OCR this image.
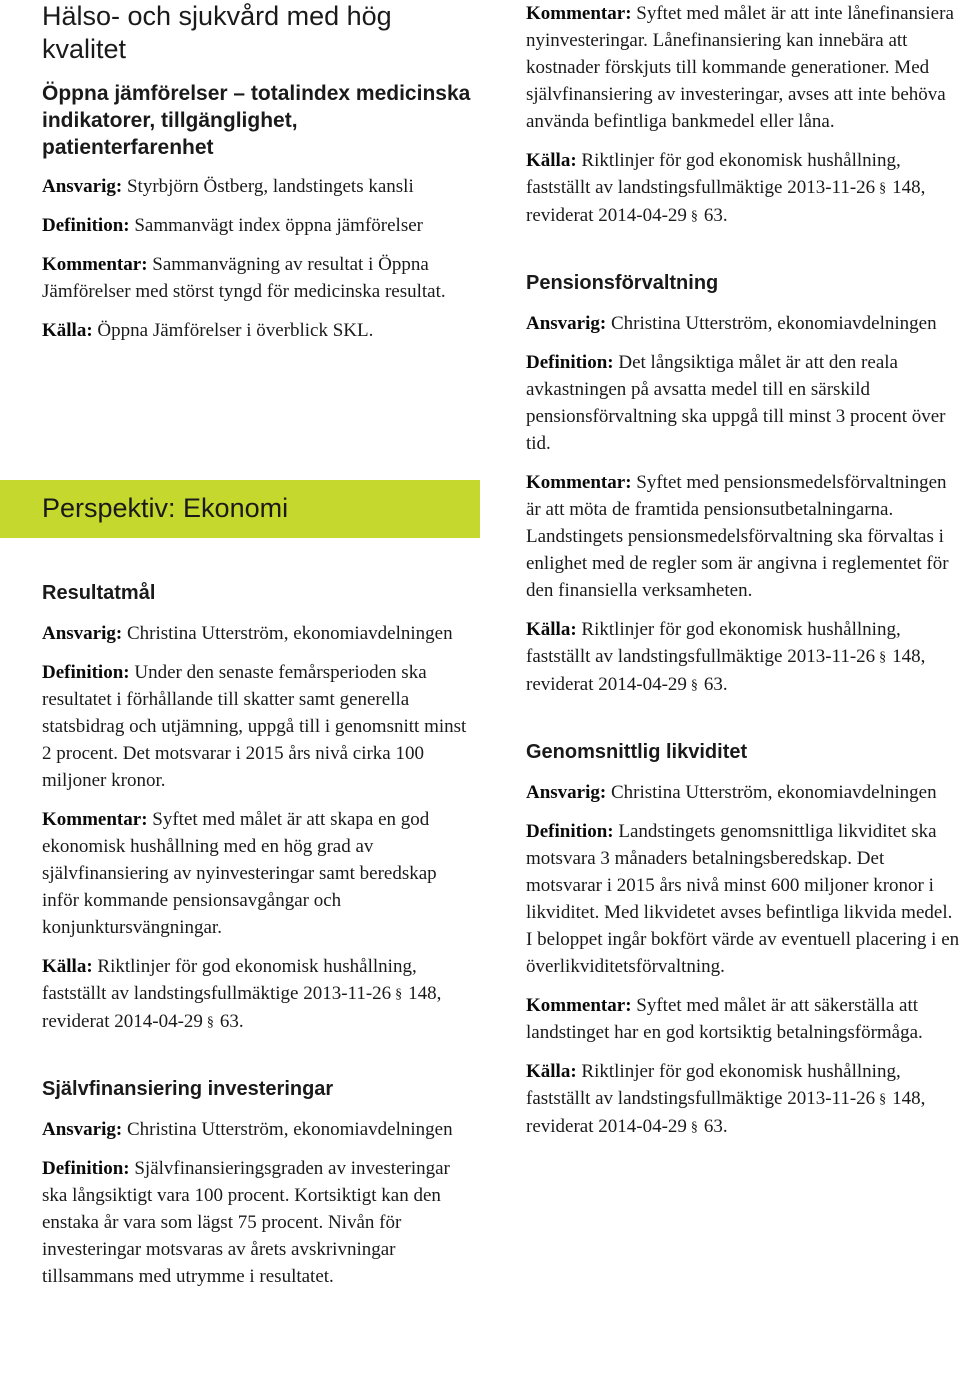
Hälso- och sjukvård med hög kvalitet
Öppna jämförelser – totalindex medicinska indikatorer, tillgänglighet, patienterfarenhet

Ansvarig: Styrbjörn Östberg, landstingets kansli

Definition: Sammanvägt index öppna jämförelser

Kommentar: Sammanvägning av resultat i Öppna Jämförelser med störst tyngd för medicinska resultat.

Källa: Öppna Jämförelser i överblick SKL.

Perspektiv: Ekonomi
Resultatmål

Ansvarig: Christina Utterström, ekonomiavdelningen

Definition: Under den senaste femårsperioden ska resultatet i förhållande till skatter samt generella statsbidrag och utjämning, uppgå till i genomsnitt minst 2 procent. Det motsvarar i 2015 års nivå cirka 100 miljoner kronor.

Kommentar: Syftet med målet är att skapa en god ekonomisk hushållning med en hög grad av självfinansiering av nyinvesteringar samt beredskap inför kommande pensionsavgångar och konjunktursvängningar.

Källa: Riktlinjer för god ekonomisk hushållning, fastställt av landstingsfullmäktige 2013-11-26 § 148, reviderat 2014-04-29 § 63.

Självfinansiering investeringar

Ansvarig: Christina Utterström, ekonomiavdelningen

Definition: Självfinansieringsgraden av investeringar ska långsiktigt vara 100 procent. Kortsiktigt kan den enstaka år vara som lägst 75 procent. Nivån för investeringar motsvaras av årets avskrivningar tillsammans med utrymme i resultatet.

Kommentar: Syftet med målet är att inte lånefinansiera nyinvesteringar. Lånefinansiering kan innebära att kostnader förskjuts till kommande generationer. Med självfinansiering av investeringar, avses att inte behöva använda befintliga bankmedel eller låna.

Källa: Riktlinjer för god ekonomisk hushållning, fastställt av landstingsfullmäktige 2013-11-26 § 148, reviderat 2014-04-29 § 63.

Pensionsförvaltning

Ansvarig: Christina Utterström, ekonomiavdelningen

Definition: Det långsiktiga målet är att den reala avkastningen på avsatta medel till en särskild pensionsförvaltning ska uppgå till minst 3 procent över tid.

Kommentar: Syftet med pensionsmedelsförvaltningen är att möta de framtida pensionsutbetalningarna. Landstingets pensionsmedelsförvaltning ska förvaltas i enlighet med de regler som är angivna i reglementet för den finansiella verksamheten.

Källa: Riktlinjer för god ekonomisk hushållning, fastställt av landstingsfullmäktige 2013-11-26 § 148, reviderat 2014-04-29 § 63.

Genomsnittlig likviditet

Ansvarig: Christina Utterström, ekonomiavdelningen

Definition: Landstingets genomsnittliga likviditet ska motsvara 3 månaders betalningsberedskap. Det motsvarar i 2015 års nivå minst 600 miljoner kronor i likviditet. Med likvidetet avses befintliga likvida medel. I beloppet ingår bokfört värde av eventuell placering i en överlikviditetsförvaltning.

Kommentar: Syftet med målet är att säkerställa att landstinget har en god kortsiktig betalningsförmåga.

Källa: Riktlinjer för god ekonomisk hushållning, fastställt av landstingsfullmäktige 2013-11-26 § 148, reviderat 2014-04-29 § 63.
